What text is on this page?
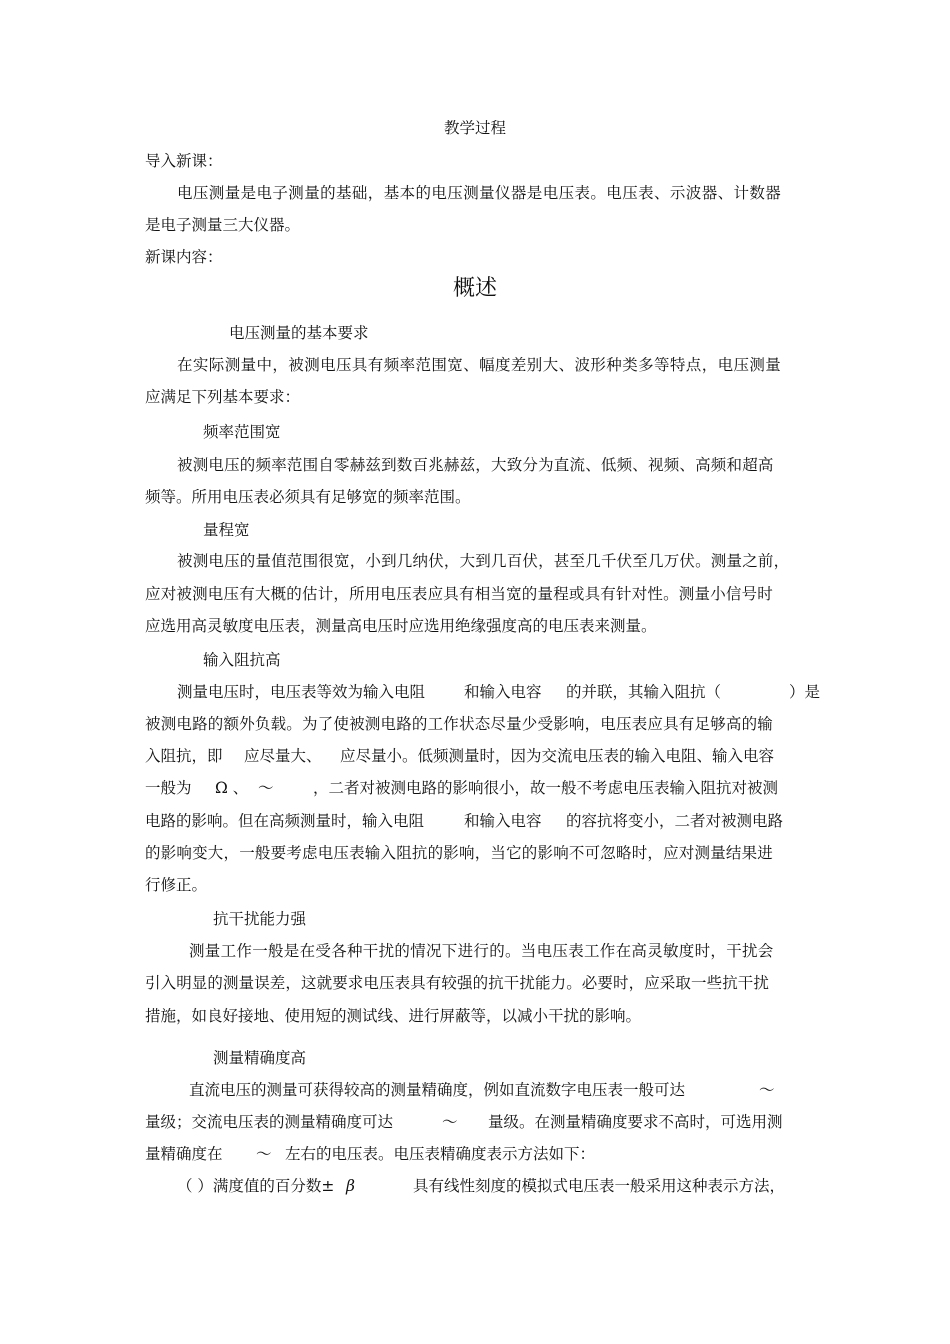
教学过程
导入新课：
电压测量是电子测量的基础，基本的电压测量仪器是电压表。电压表、示波器、计数器
是电子测量三大仪器。
新课内容：
概述
电压测量的基本要求
在实际测量中，被测电压具有频率范围宽、幅度差别大、波形种类多等特点，电压测量
应满足下列基本要求：
频率范围宽
被测电压的频率范围自零赫兹到数百兆赫兹，大致分为直流、低频、视频、高频和超高
频等。所用电压表必须具有足够宽的频率范围。
量程宽
被测电压的量值范围很宽，小到几纳伏，大到几百伏，甚至几千伏至几万伏。测量之前，
应对被测电压有大概的估计，所用电压表应具有相当宽的量程或具有针对性。测量小信号时
应选用高灵敏度电压表，测量高电压时应选用绝缘强度高的电压表来测量。
输入阻抗高
测量电压时，电压表等效为输入电阻	和输入电容 的并联，其输入阻抗（	）是
被测电路的额外负载。为了使被测电路的工作状态尽量少受影响，电压表应具有足够高的输
入阻抗，即 应尽量大、 应尽量小。低频测量时，因为交流电压表的输入电阻、输入电容
一般为 Ω 、 ～	，二者对被测电路的影响很小，故一般不考虑电压表输入阻抗对被测
电路的影响。但在高频测量时，输入电阻	和输入电容 的容抗将变小，二者对被测电路
的影响变大，一般要考虑电压表输入阻抗的影响，当它的影响不可忽略时，应对测量结果进
行修正。
抗干扰能力强
测量工作一般是在受各种干扰的情况下进行的。当电压表工作在高灵敏度时，干扰会
引入明显的测量误差，这就要求电压表具有较强的抗干扰能力。必要时，应采取一些抗干扰
措施，如良好接地、使用短的测试线、进行屏蔽等，以减小干扰的影响。
测量精确度高
直流电压的测量可获得较高的测量精确度，例如直流数字电压表一般可达	～
量级；交流电压表的测量精确度可达	～ 量级。在测量精确度要求不高时，可选用测
量精确度在 ～ 左右的电压表。电压表精确度表示方法如下：
（ ）满度值的百分数± β	具有线性刻度的模拟式电压表一般采用这种表示方法，
